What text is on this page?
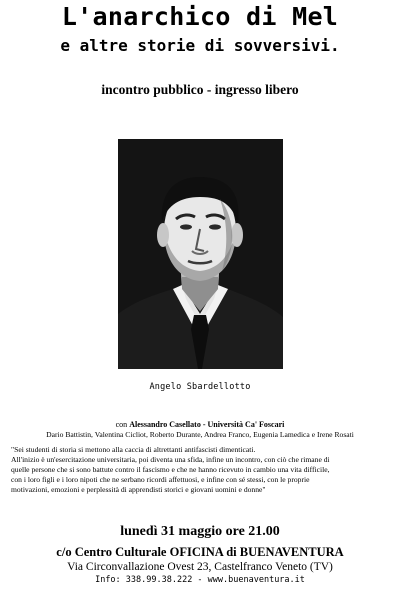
L'anarchico di Mel
e altre storie di sovversivi.
incontro pubblico - ingresso libero
Angelo Sbardellotto
con Alessandro Casellato - Università Ca' Foscari
Dario Battistin, Valentina Cicliot, Roberto Durante, Andrea Franco, Eugenia Lamedica e Irene Rosati
"Sei studenti di storia si mettono alla caccia di altrettanti antifascisti dimenticati.
All'inizio è un'esercitazione universitaria, poi diventa una sfida, infine un incontro, con ciò che rimane di
quelle persone che si sono battute contro il fascismo e che ne hanno ricevuto in cambio una vita difficile,
con i loro figli e i loro nipoti che ne serbano ricordi affettuosi, e infine con sé stessi, con le proprie
motivazioni, emozioni e perplessità di apprendisti storici e giovani uomini e donne"
lunedì 31 maggio ore 21.00
c/o Centro Culturale OFICINA di BUENAVENTURA
Via Circonvallazione Ovest 23, Castelfranco Veneto (TV)
Info: 338.99.38.222 - www.buenaventura.it
